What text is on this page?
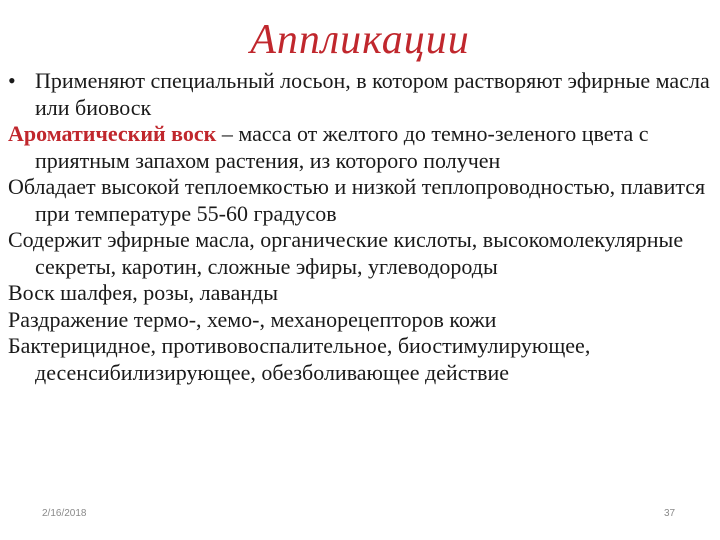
Аппликации
• Применяют специальный лосьон, в котором растворяют эфирные масла или биовоск
Ароматический воск – масса от желтого до темно-зеленого цвета с приятным запахом растения, из которого получен
Обладает высокой теплоемкостью и низкой теплопроводностью, плавится при температуре 55-60 градусов
Содержит эфирные масла, органические кислоты, высокомолекулярные секреты, каротин, сложные эфиры, углеводороды
Воск шалфея, розы, лаванды
Раздражение термо-, хемо-, механорецепторов кожи
Бактерицидное, противовоспалительное, биостимулирующее, десенсибилизирующее, обезболивающее действие
2/16/2018	37
